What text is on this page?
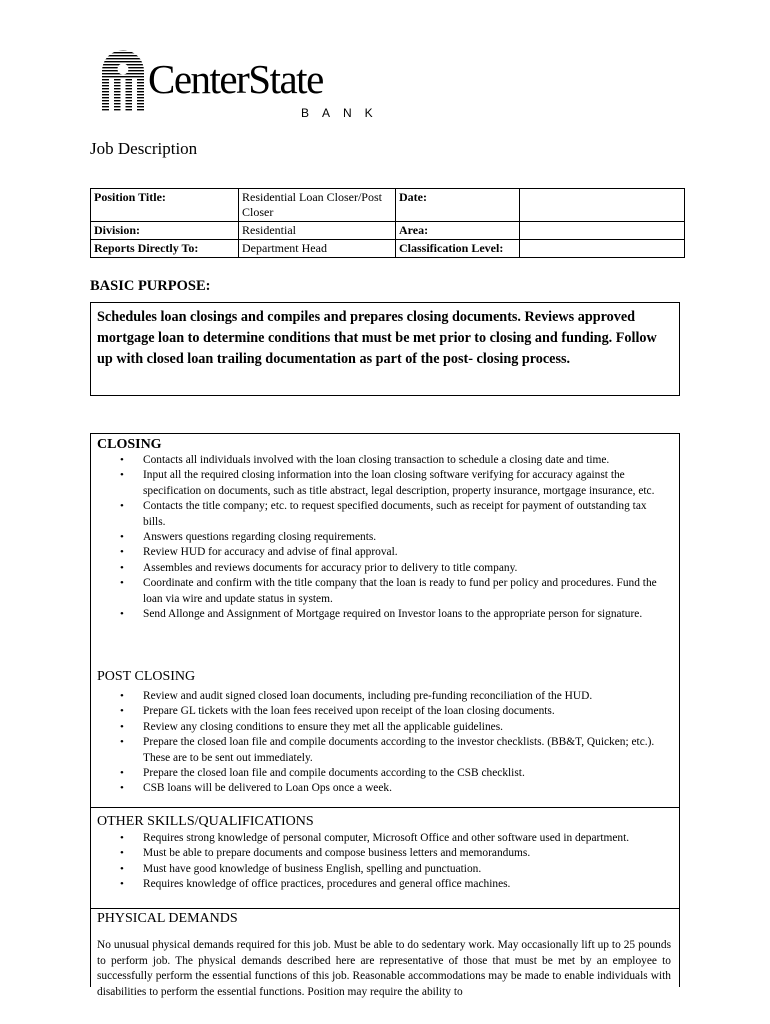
CenterState
BANK
Job Description
Position Title:	Residential Loan Closer/Post Closer	Date:	
Division:	Residential	Area:	
Reports Directly To:	Department Head	Classification Level:	
BASIC PURPOSE:
Schedules loan closings and compiles and prepares closing documents. Reviews approved mortgage loan to determine conditions that must be met prior to closing and funding. Follow up with closed loan trailing documentation as part of the post- closing process.
CLOSING
• Contacts all individuals involved with the loan closing transaction to schedule a closing date and time.
• Input all the required closing information into the loan closing software verifying for accuracy against the specification on documents, such as title abstract, legal description, property insurance, mortgage insurance, etc.
• Contacts the title company; etc. to request specified documents, such as receipt for payment of outstanding tax bills.
• Answers questions regarding closing requirements.
• Review HUD for accuracy and advise of final approval.
• Assembles and reviews documents for accuracy prior to delivery to title company.
• Coordinate and confirm with the title company that the loan is ready to fund per policy and procedures. Fund the loan via wire and update status in system.
• Send Allonge and Assignment of Mortgage required on Investor loans to the appropriate person for signature.
POST CLOSING
• Review and audit signed closed loan documents, including pre-funding reconciliation of the HUD.
• Prepare GL tickets with the loan fees received upon receipt of the loan closing documents.
• Review any closing conditions to ensure they met all the applicable guidelines.
• Prepare the closed loan file and compile documents according to the investor checklists. (BB&T, Quicken; etc.). These are to be sent out immediately.
• Prepare the closed loan file and compile documents according to the CSB checklist.
• CSB loans will be delivered to Loan Ops once a week.
OTHER SKILLS/QUALIFICATIONS
• Requires strong knowledge of personal computer, Microsoft Office and other software used in department.
• Must be able to prepare documents and compose business letters and memorandums.
• Must have good knowledge of business English, spelling and punctuation.
• Requires knowledge of office practices, procedures and general office machines.
PHYSICAL DEMANDS
No unusual physical demands required for this job. Must be able to do sedentary work. May occasionally lift up to 25 pounds to perform job. The physical demands described here are representative of those that must be met by an employee to successfully perform the essential functions of this job. Reasonable accommodations may be made to enable individuals with disabilities to perform the essential functions. Position may require the ability to
